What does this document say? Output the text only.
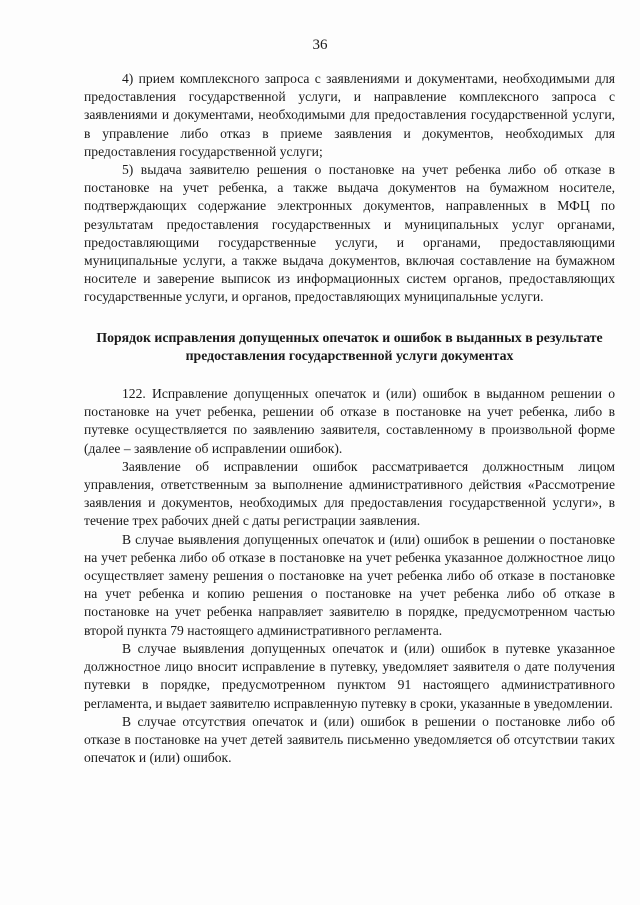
36

4) прием комплексного запроса с заявлениями и документами, необходимыми для предоставления государственной услуги, и направление комплексного запроса с заявлениями и документами, необходимыми для предоставления государственной услуги, в управление либо отказ в приеме заявления и документов, необходимых для предоставления государственной услуги;

5) выдача заявителю решения о постановке на учет ребенка либо об отказе в постановке на учет ребенка, а также выдача документов на бумажном носителе, подтверждающих содержание электронных документов, направленных в МФЦ по результатам предоставления государственных и муниципальных услуг органами, предоставляющими государственные услуги, и органами, предоставляющими муниципальные услуги, а также выдача документов, включая составление на бумажном носителе и заверение выписок из информационных систем органов, предоставляющих государственные услуги, и органов, предоставляющих муниципальные услуги.

Порядок исправления допущенных опечаток и ошибок в выданных в результате предоставления государственной услуги документах

122. Исправление допущенных опечаток и (или) ошибок в выданном решении о постановке на учет ребенка, решении об отказе в постановке на учет ребенка, либо в путевке осуществляется по заявлению заявителя, составленному в произвольной форме (далее – заявление об исправлении ошибок).

Заявление об исправлении ошибок рассматривается должностным лицом управления, ответственным за выполнение административного действия «Рассмотрение заявления и документов, необходимых для предоставления государственной услуги», в течение трех рабочих дней с даты регистрации заявления.

В случае выявления допущенных опечаток и (или) ошибок в решении о постановке на учет ребенка либо об отказе в постановке на учет ребенка указанное должностное лицо осуществляет замену решения о постановке на учет ребенка либо об отказе в постановке на учет ребенка и копию решения о постановке на учет ребенка либо об отказе в постановке на учет ребенка направляет заявителю в порядке, предусмотренном частью второй пункта 79 настоящего административного регламента.

В случае выявления допущенных опечаток и (или) ошибок в путевке указанное должностное лицо вносит исправление в путевку, уведомляет заявителя о дате получения путевки в порядке, предусмотренном пунктом 91 настоящего административного регламента, и выдает заявителю исправленную путевку в сроки, указанные в уведомлении.

В случае отсутствия опечаток и (или) ошибок в решении о постановке либо об отказе в постановке на учет детей заявитель письменно уведомляется об отсутствии таких опечаток и (или) ошибок.
